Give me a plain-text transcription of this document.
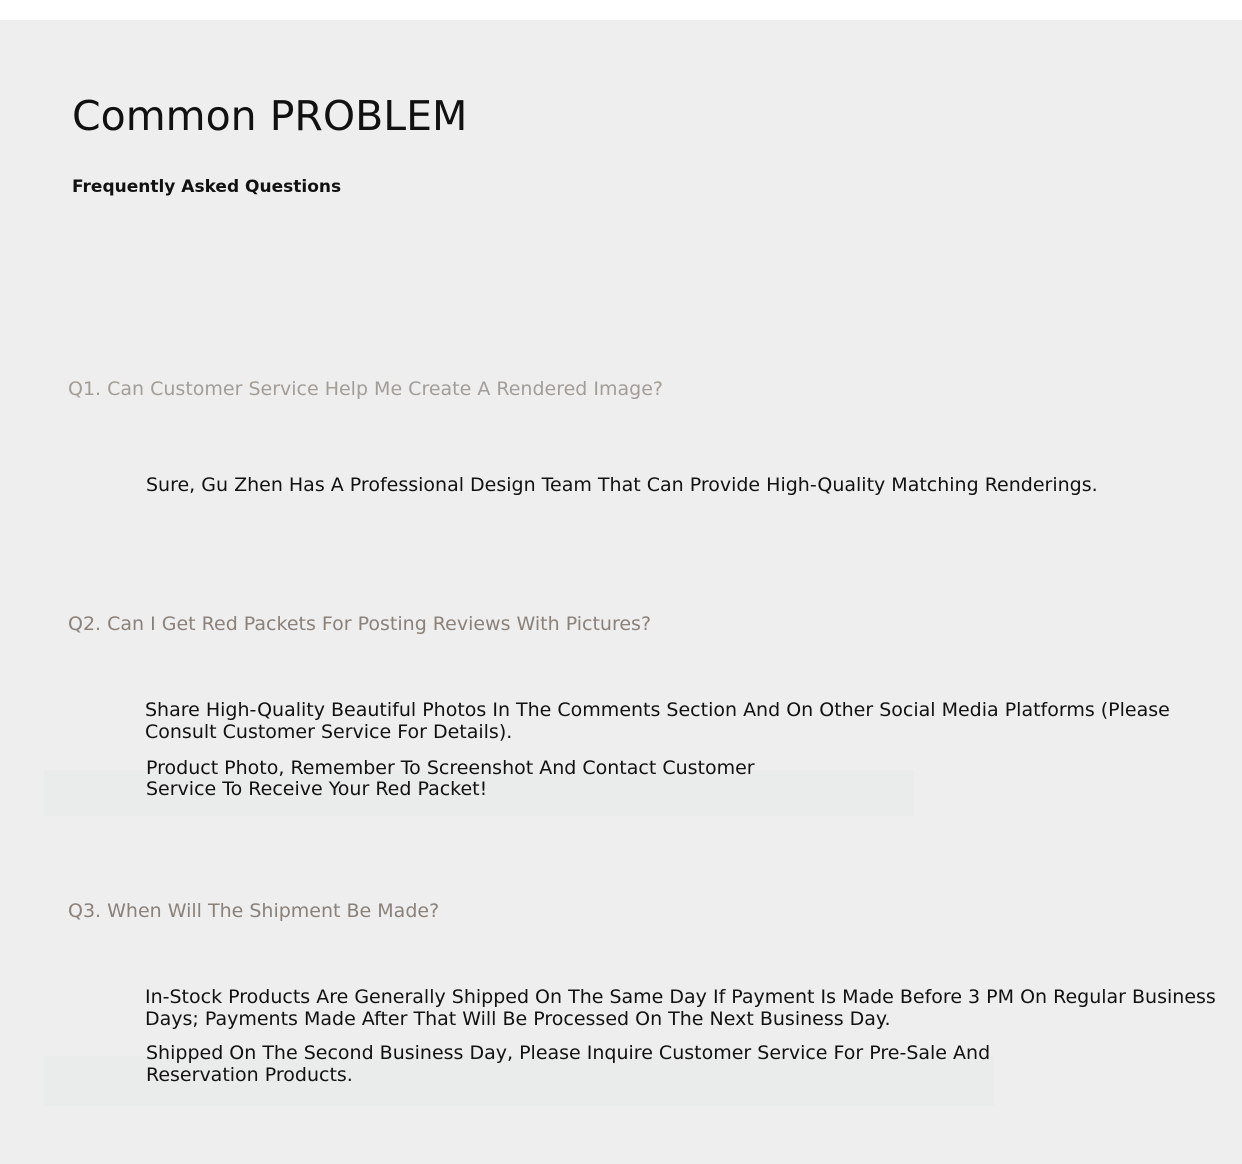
Common PROBLEM
Frequently Asked Questions

Q1. Can Customer Service Help Me Create A Rendered Image?

Sure, Gu Zhen Has A Professional Design Team That Can Provide High-Quality Matching Renderings.

Q2. Can I Get Red Packets For Posting Reviews With Pictures?

Share High-Quality Beautiful Photos In The Comments Section And On Other Social Media Platforms (Please Consult Customer Service For Details).

Product Photo, Remember To Screenshot And Contact Customer Service To Receive Your Red Packet!

Q3. When Will The Shipment Be Made?

In-Stock Products Are Generally Shipped On The Same Day If Payment Is Made Before 3 PM On Regular Business Days; Payments Made After That Will Be Processed On The Next Business Day.

Shipped On The Second Business Day, Please Inquire Customer Service For Pre-Sale And Reservation Products.
